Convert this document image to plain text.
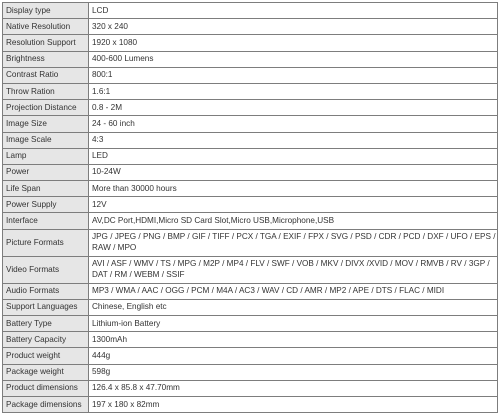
Display type	LCD
Native Resolution	320 x 240
Resolution Support	1920 x 1080
Brightness	400-600 Lumens
Contrast Ratio	800:1
Throw Ration	1.6:1
Projection Distance	0.8 - 2M
Image Size	24 - 60 inch
Image Scale	4:3
Lamp	LED
Power	10-24W
Life Span	More than 30000 hours
Power Supply	12V
Interface	AV,DC Port,HDMI,Micro SD Card Slot,Micro USB,Microphone,USB
Picture Formats	JPG / JPEG / PNG / BMP / GIF / TIFF / PCX / TGA / EXIF / FPX / SVG / PSD / CDR / PCD / DXF / UFO / EPS / RAW / MPO
Video Formats	AVI / ASF / WMV / TS / MPG / M2P / MP4 / FLV / SWF / VOB / MKV / DIVX /XVID / MOV / RMVB / RV / 3GP / DAT / RM / WEBM / SSIF
Audio Formats	MP3 / WMA / AAC / OGG / PCM / M4A / AC3 / WAV / CD / AMR / MP2 / APE / DTS / FLAC / MIDI
Support Languages	Chinese, English etc
Battery Type	Lithium-ion Battery
Battery Capacity	1300mAh
Product weight	444g
Package weight	598g
Product dimensions	126.4 x 85.8 x 47.70mm
Package dimensions	197 x 180 x 82mm
